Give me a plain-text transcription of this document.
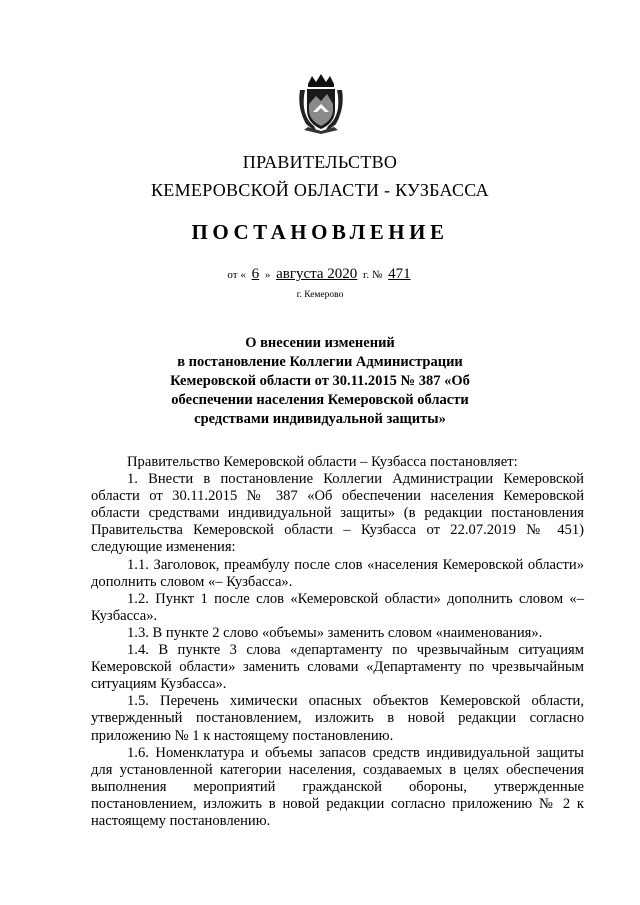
ПРАВИТЕЛЬСТВО
КЕМЕРОВСКОЙ ОБЛАСТИ - КУЗБАССА
ПОСТАНОВЛЕНИЕ
от « 6 » августа 2020 г. № 471
г. Кемерово
О внесении изменений
в постановление Коллегии Администрации
Кемеровской области от 30.11.2015 № 387 «Об
обеспечении населения Кемеровской области
средствами индивидуальной защиты»

Правительство Кемеровской области – Кузбасса постановляет:

1. Внести в постановление Коллегии Администрации Кемеровской области от 30.11.2015 № 387 «Об обеспечении населения Кемеровской области средствами индивидуальной защиты» (в редакции постановления Правительства Кемеровской области – Кузбасса от 22.07.2019 № 451) следующие изменения:

1.1. Заголовок, преамбулу после слов «населения Кемеровской области» дополнить словом «– Кузбасса».

1.2. Пункт 1 после слов «Кемеровской области» дополнить словом «– Кузбасса».

1.3. В пункте 2 слово «объемы» заменить словом «наименования».

1.4. В пункте 3 слова «департаменту по чрезвычайным ситуациям Кемеровской области» заменить словами «Департаменту по чрезвычайным ситуациям Кузбасса».

1.5. Перечень химически опасных объектов Кемеровской области, утвержденный постановлением, изложить в новой редакции согласно приложению № 1 к настоящему постановлению.

1.6. Номенклатура и объемы запасов средств индивидуальной защиты для установленной категории населения, создаваемых в целях обеспечения выполнения мероприятий гражданской обороны, утвержденные постановлением, изложить в новой редакции согласно приложению № 2 к настоящему постановлению.
